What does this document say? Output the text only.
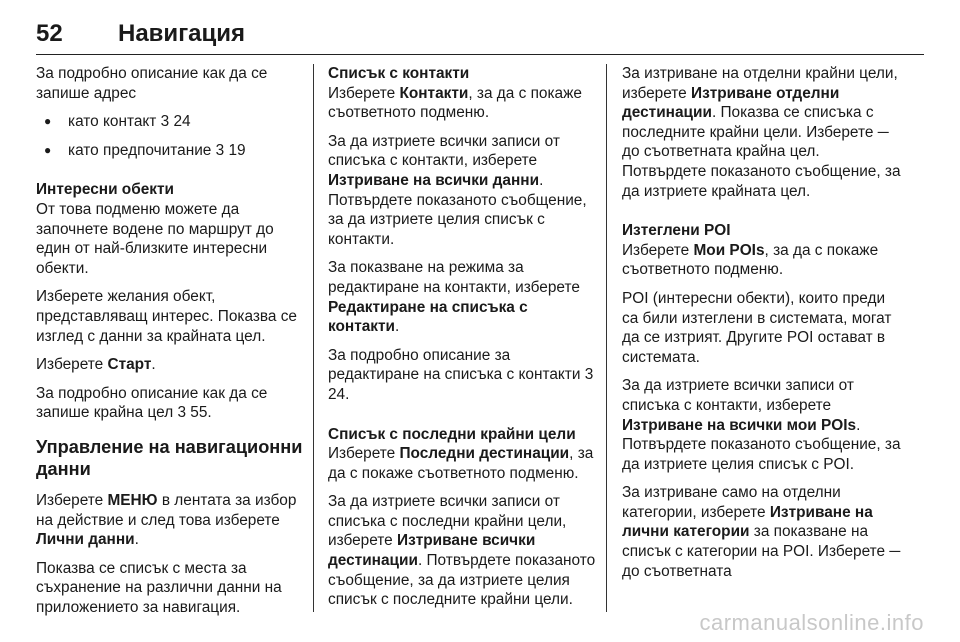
52 Навигация

За подробно описание как да се запише адрес

● като контакт 3 24

● като предпочитание 3 19

Интересни обекти

От това подменю можете да започнете водене по маршрут до един от най-близките интересни обекти.

Изберете желания обект, представляващ интерес. Показва се изглед с данни за крайната цел.

Изберете Старт.

За подробно описание как да се запише крайна цел 3 55.

Управление на навигационни данни

Изберете МЕНЮ в лентата за избор на действие и след това изберете Лични данни.

Показва се списък с места за съхранение на различни данни на приложението за навигация.

Списък с контакти

Изберете Контакти, за да с покаже съответното подменю.

За да изтриете всички записи от списъка с контакти, изберете Изтриване на всички данни. Потвърдете показаното съобщение, за да изтриете целия списък с контакти.

За показване на режима за редактиране на контакти, изберете Редактиране на списъка с контакти.

За подробно описание за редактиране на списъка с контакти 3 24.

Списък с последни крайни цели

Изберете Последни дестинации, за да с покаже съответното подменю.

За да изтриете всички записи от списъка с последни крайни цели, изберете Изтриване всички дестинации. Потвърдете показаното съобщение, за да изтриете целия списък с последните крайни цели.

За изтриване на отделни крайни цели, изберете Изтриване отделни дестинации. Показва се списъка с последните крайни цели. Изберете ─ до съответната крайна цел. Потвърдете показаното съобщение, за да изтриете крайната цел.

Изтеглени POI

Изберете Мои POIs, за да с покаже съответното подменю.

POI (интересни обекти), които преди са били изтеглени в системата, могат да се изтрият. Другите POI остават в системата.

За да изтриете всички записи от списъка с контакти, изберете Изтриване на всички мои POIs. Потвърдете показаното съобщение, за да изтриете целия списък с POI.

За изтриване само на отделни категории, изберете Изтриване на лични категории за показване на списък с категории на POI. Изберете ─ до съответната

carmanualsonline.info
